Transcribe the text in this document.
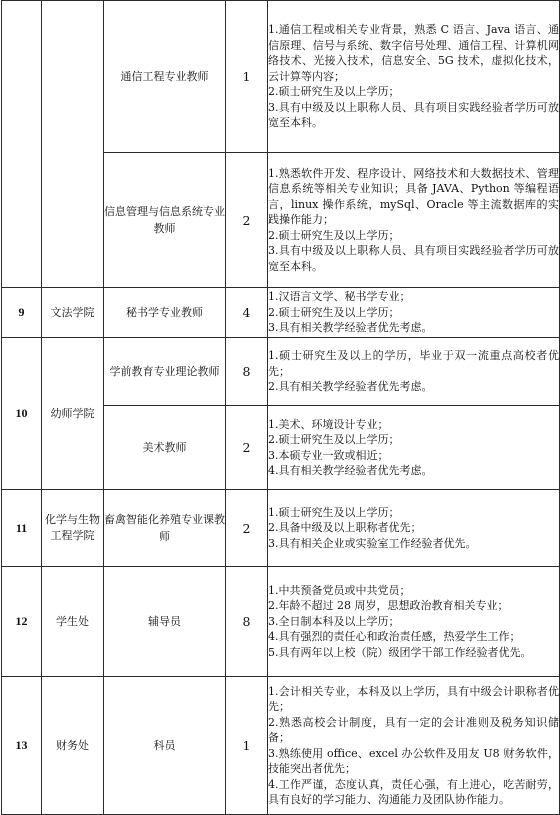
		通信工程专业教师	1	1.通信工程或相关专业背景，熟悉 C 语言、Java 语言、通信原理、信号与系统、数字信号处理、通信工程、计算机网络技术、光接入技术，信息安全、5G 技术，虚拟化技术，云计算等内容；
2.硕士研究生及以上学历；
3.具有中级及以上职称人员、具有项目实践经验者学历可放宽至本科。

		信息管理与信息系统专业教师	2	1.熟悉软件开发、程序设计、网络技术和大数据技术、管理信息系统等相关专业知识；具备 JAVA、Python 等编程语言，linux 操作系统，mySql、Oracle 等主流数据库的实践操作能力；
2.硕士研究生及以上学历；
3.具有中级及以上职称人员、具有项目实践经验者学历可放宽至本科。

9	文法学院	秘书学专业教师	4	1.汉语言文学、秘书学专业；
2.硕士研究生及以上学历；
3.具有相关教学经验者优先考虑。

10	幼师学院	学前教育专业理论教师	8	1.硕士研究生及以上的学历，毕业于双一流重点高校者优先；
2.具有相关教学经验者优先考虑。

		美术教师	2	1.美术、环境设计专业；
2.硕士研究生及以上学历；
3.本硕专业一致或相近；
4.具有相关教学经验者优先考虑。

11	化学与生物工程学院	畜禽智能化养殖专业课教师	2	1.硕士研究生及以上学历；
2.具备中级及以上职称者优先；
3.具有相关企业或实验室工作经验者优先。

12	学生处	辅导员	8	1.中共预备党员或中共党员；
2.年龄不超过 28 周岁，思想政治教育相关专业；
3.全日制本科及以上学历；
4.具有强烈的责任心和政治责任感，热爱学生工作；
5.具有两年以上校（院）级团学干部工作经验者优先。

13	财务处	科员	1	1.会计相关专业，本科及以上学历，具有中级会计职称者优先；
2.熟悉高校会计制度，具有一定的会计准则及税务知识储备；
3.熟练使用 office、excel 办公软件及用友 U8 财务软件，技能突出者优先；
4.工作严谨，态度认真，责任心强，有上进心，吃苦耐劳，具有良好的学习能力、沟通能力及团队协作能力。
